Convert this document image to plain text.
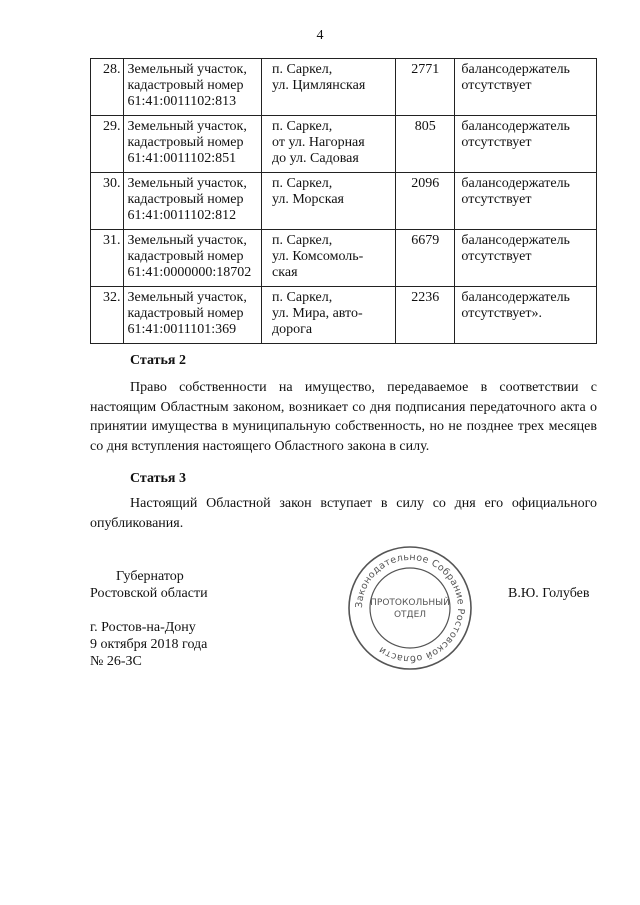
4
28.	Земельный участок,
кадастровый номер
61:41:0011102:813	п. Саркел,
ул. Цимлянская	2771	балансодержатель
отсутствует

29.	Земельный участок,
кадастровый номер
61:41:0011102:851	п. Саркел,
от ул. Нагорная
до ул. Садовая	805	балансодержатель
отсутствует

30.	Земельный участок,
кадастровый номер
61:41:0011102:812	п. Саркел,
ул. Морская	2096	балансодержатель
отсутствует

31.	Земельный участок,
кадастровый номер
61:41:0000000:18702	п. Саркел,
ул. Комсомоль-
ская	6679	балансодержатель
отсутствует

32.	Земельный участок,
кадастровый номер
61:41:0011101:369	п. Саркел,
ул. Мира, авто-
дорога	2236	балансодержатель
отсутствует».
Статья 2
Право собственности на имущество, передаваемое в соответствии с настоящим Областным законом, возникает со дня подписания передаточного акта о принятии имущества в муниципальную собственность, но не позднее трех месяцев со дня вступления настоящего Областного закона в силу.
Статья 3
Настоящий Областной закон вступает в силу со дня его официального опубликования.
Губернатор
Ростовской области	В.Ю. Голубев
г. Ростов-на-Дону
9 октября 2018 года
№ 26-ЗС
Законодательное Собрание Ростовской области
ПРОТОКОЛЬНЫЙ
ОТДЕЛ
